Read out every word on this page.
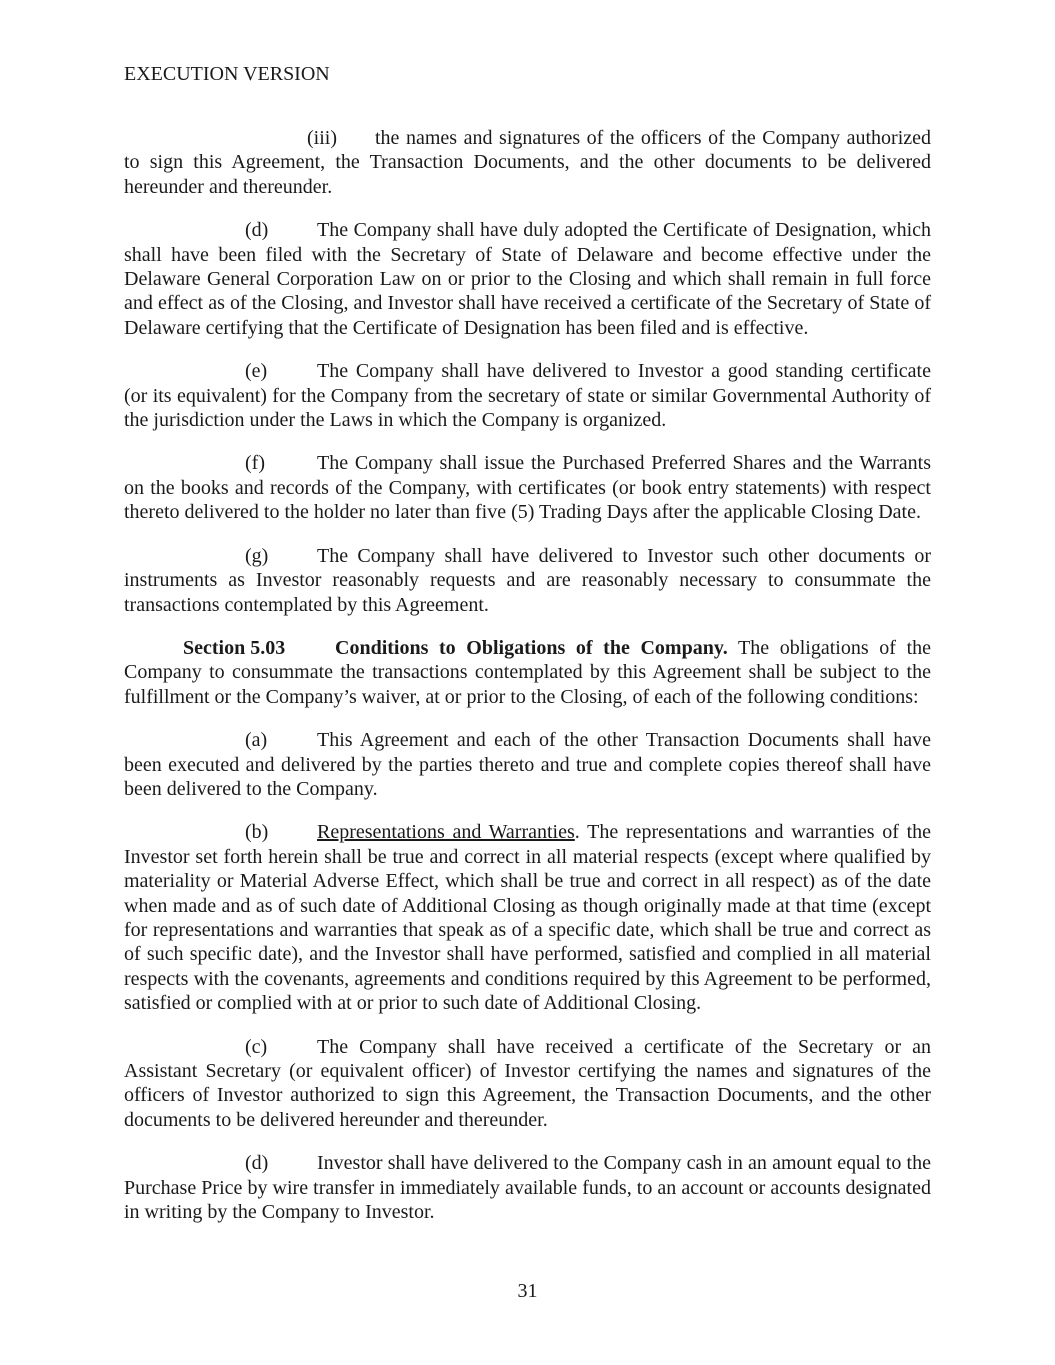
EXECUTION VERSION

(iii) the names and signatures of the officers of the Company authorized to sign this Agreement, the Transaction Documents, and the other documents to be delivered hereunder and thereunder.

(d) The Company shall have duly adopted the Certificate of Designation, which shall have been filed with the Secretary of State of Delaware and become effective under the Delaware General Corporation Law on or prior to the Closing and which shall remain in full force and effect as of the Closing, and Investor shall have received a certificate of the Secretary of State of Delaware certifying that the Certificate of Designation has been filed and is effective.

(e) The Company shall have delivered to Investor a good standing certificate (or its equivalent) for the Company from the secretary of state or similar Governmental Authority of the jurisdiction under the Laws in which the Company is organized.

(f)	The Company shall issue the Purchased Preferred Shares and the Warrants on the books and records of the Company, with certificates (or book entry statements) with respect thereto delivered to the holder no later than five (5) Trading Days after the applicable Closing Date.

(g) The Company shall have delivered to Investor such other documents or instruments as Investor reasonably requests and are reasonably necessary to consummate the transactions contemplated by this Agreement.

Section 5.03 Conditions to Obligations of the Company. The obligations of the Company to consummate the transactions contemplated by this Agreement shall be subject to the fulfillment or the Company’s waiver, at or prior to the Closing, of each of the following conditions:

(a) This Agreement and each of the other Transaction Documents shall have been executed and delivered by the parties thereto and true and complete copies thereof shall have been delivered to the Company.

(b) Representations and Warranties. The representations and warranties of the Investor set forth herein shall be true and correct in all material respects (except where qualified by materiality or Material Adverse Effect, which shall be true and correct in all respect) as of the date when made and as of such date of Additional Closing as though originally made at that time (except for representations and warranties that speak as of a specific date, which shall be true and correct as of such specific date), and the Investor shall have performed, satisfied and complied in all material respects with the covenants, agreements and conditions required by this Agreement to be performed, satisfied or complied with at or prior to such date of Additional Closing.

(c) The Company shall have received a certificate of the Secretary or an Assistant Secretary (or equivalent officer) of Investor certifying the names and signatures of the officers of Investor authorized to sign this Agreement, the Transaction Documents, and the other documents to be delivered hereunder and thereunder.

(d) Investor shall have delivered to the Company cash in an amount equal to the Purchase Price by wire transfer in immediately available funds, to an account or accounts designated in writing by the Company to Investor.

31
